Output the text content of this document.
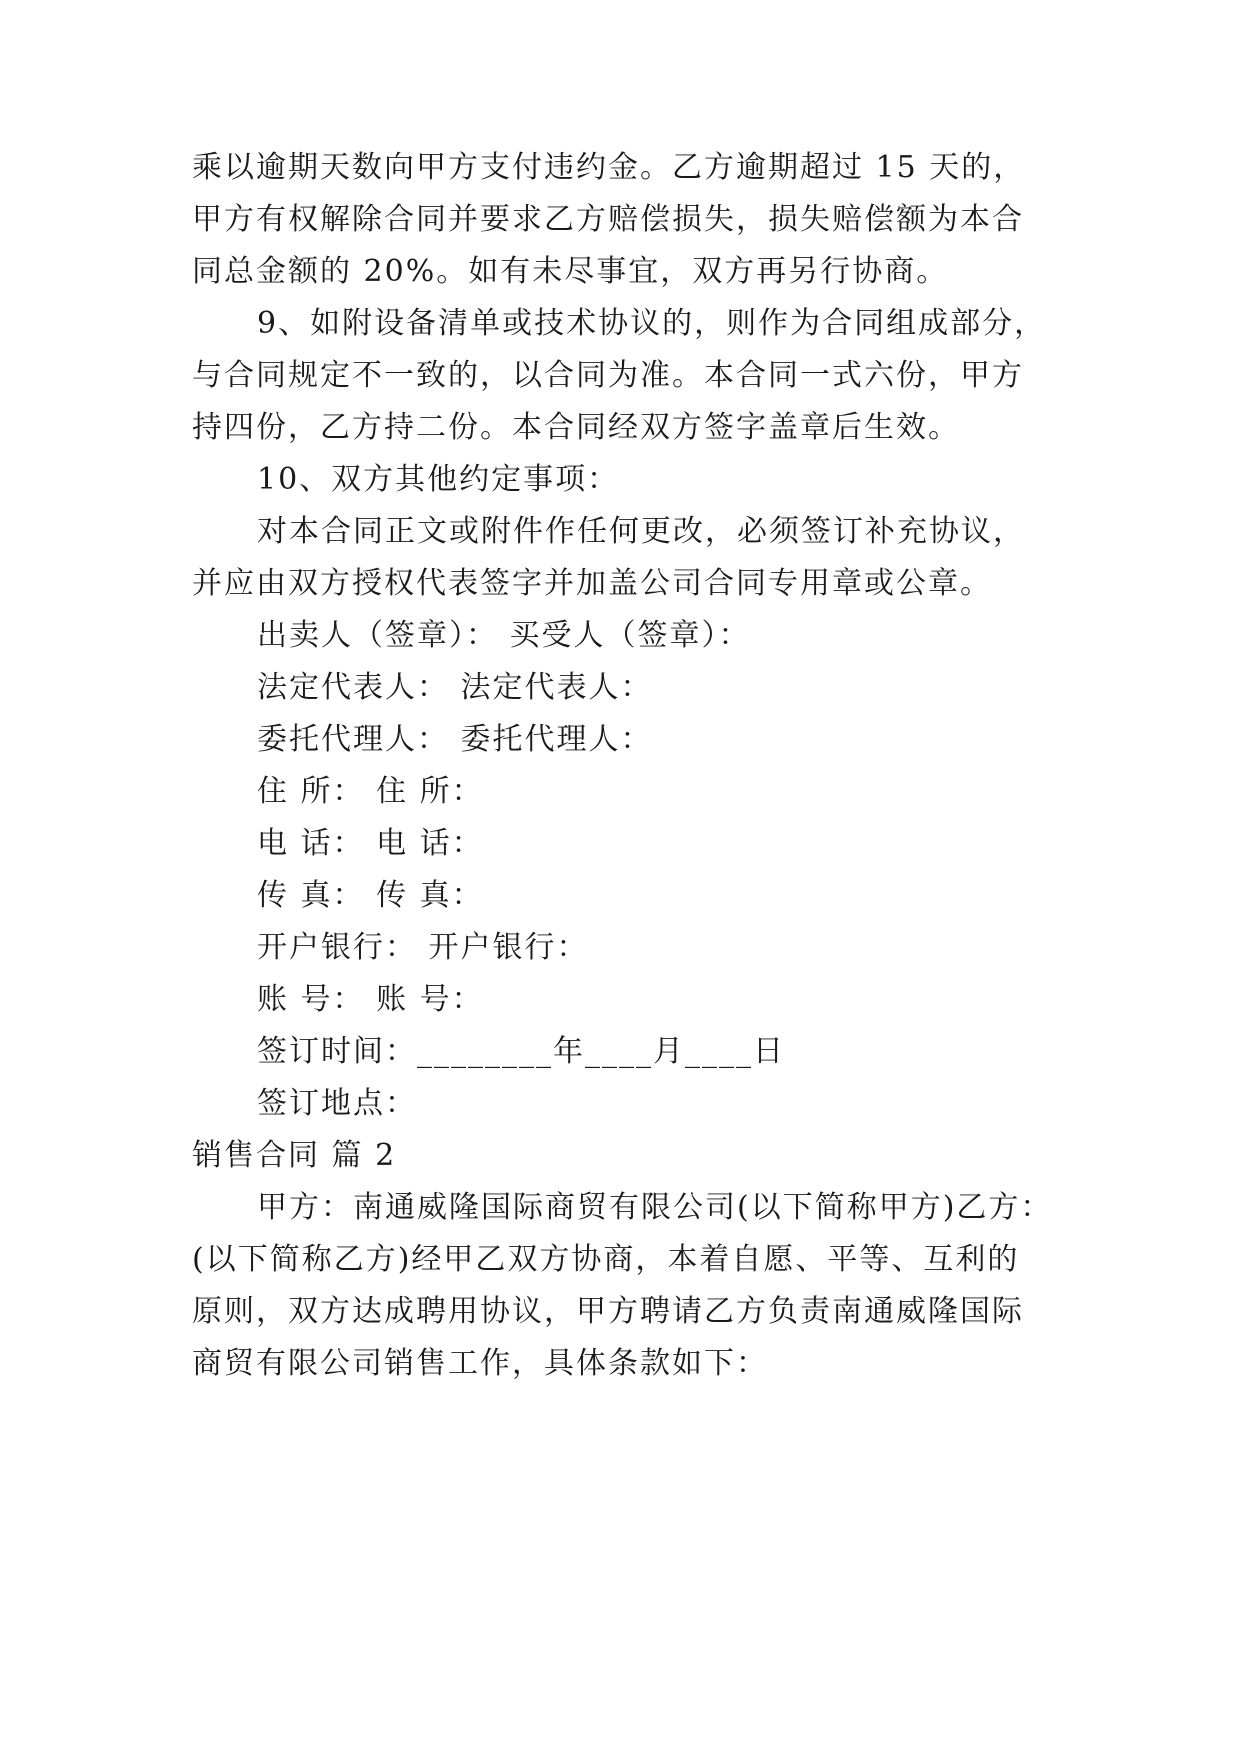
乘以逾期天数向甲方支付违约金。乙方逾期超过 15 天的，
甲方有权解除合同并要求乙方赔偿损失，损失赔偿额为本合
同总金额的 20%。如有未尽事宜，双方再另行协商。
9、如附设备清单或技术协议的，则作为合同组成部分，
与合同规定不一致的，以合同为准。本合同一式六份，甲方
持四份，乙方持二份。本合同经双方签字盖章后生效。
10、双方其他约定事项：
对本合同正文或附件作任何更改，必须签订补充协议，
并应由双方授权代表签字并加盖公司合同专用章或公章。
出卖人（签章）： 买受人（签章）：
法定代表人： 法定代表人：
委托代理人： 委托代理人：
住 所： 住 所：
电 话： 电 话：
传 真： 传 真：
开户银行： 开户银行：
账 号： 账 号：
签订时间：________年____月____日
签订地点：
销售合同 篇 2
甲方：南通威隆国际商贸有限公司(以下简称甲方)乙方：
(以下简称乙方)经甲乙双方协商，本着自愿、平等、互利的
原则，双方达成聘用协议，甲方聘请乙方负责南通威隆国际
商贸有限公司销售工作，具体条款如下：
